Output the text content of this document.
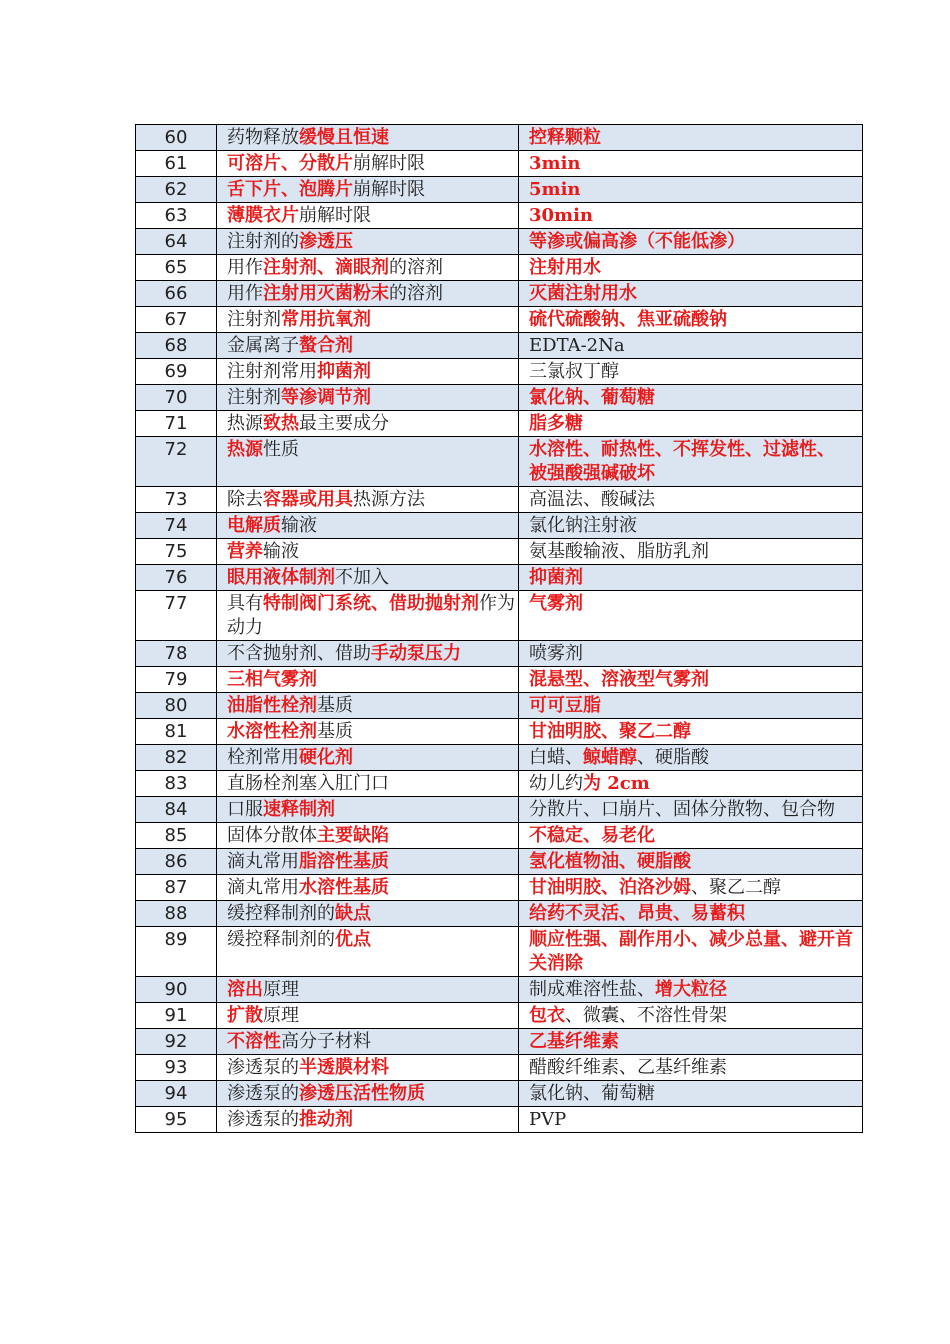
60	药物释放缓慢且恒速	控释颗粒
61	可溶片、分散片崩解时限	3min
62	舌下片、泡腾片崩解时限	5min
63	薄膜衣片崩解时限	30min
64	注射剂的渗透压	等渗或偏高渗（不能低渗）
65	用作注射剂、滴眼剂的溶剂	注射用水
66	用作注射用灭菌粉末的溶剂	灭菌注射用水
67	注射剂常用抗氧剂	硫代硫酸钠、焦亚硫酸钠
68	金属离子螯合剂	EDTA-2Na
69	注射剂常用抑菌剂	三氯叔丁醇
70	注射剂等渗调节剂	氯化钠、葡萄糖
71	热源致热最主要成分	脂多糖
72	热源性质	水溶性、耐热性、不挥发性、过滤性、
被强酸强碱破坏
73	除去容器或用具热源方法	高温法、酸碱法
74	电解质输液	氯化钠注射液
75	营养输液	氨基酸输液、脂肪乳剂
76	眼用液体制剂不加入	抑菌剂
77	具有特制阀门系统、借助抛射剂作为动力	气雾剂
78	不含抛射剂、借助手动泵压力	喷雾剂
79	三相气雾剂	混悬型、溶液型气雾剂
80	油脂性栓剂基质	可可豆脂
81	水溶性栓剂基质	甘油明胶、聚乙二醇
82	栓剂常用硬化剂	白蜡、鲸蜡醇、硬脂酸
83	直肠栓剂塞入肛门口	幼儿约为 2cm
84	口服速释制剂	分散片、口崩片、固体分散物、包合物
85	固体分散体主要缺陷	不稳定、易老化
86	滴丸常用脂溶性基质	氢化植物油、硬脂酸
87	滴丸常用水溶性基质	甘油明胶、泊洛沙姆、聚乙二醇
88	缓控释制剂的缺点	给药不灵活、昂贵、易蓄积
89	缓控释制剂的优点	顺应性强、副作用小、减少总量、避开首关消除
90	溶出原理	制成难溶性盐、增大粒径
91	扩散原理	包衣、微囊、不溶性骨架
92	不溶性高分子材料	乙基纤维素
93	渗透泵的半透膜材料	醋酸纤维素、乙基纤维素
94	渗透泵的渗透压活性物质	氯化钠、葡萄糖
95	渗透泵的推动剂	PVP
